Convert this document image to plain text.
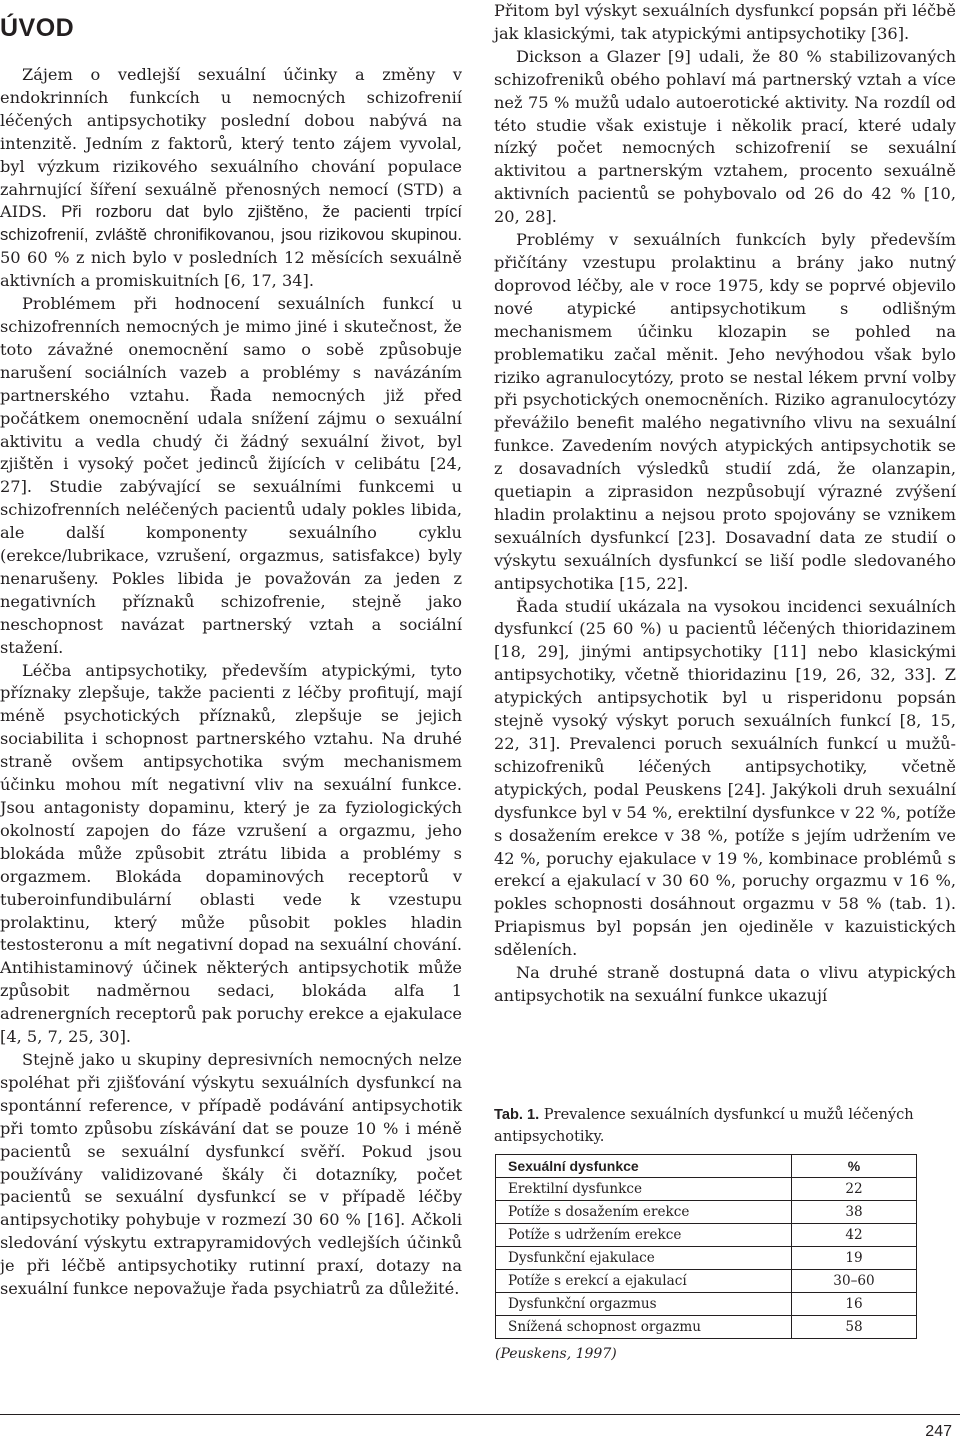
ÚVOD

Zájem o vedlejší sexuální účinky a změny v endokrinních funkcích u nemocných schizofrenií léčených antipsychotiky poslední dobou nabývá na intenzitě. Jedním z faktorů, který tento zájem vyvolal, byl výzkum rizikového sexuálního chování populace zahrnující šíření sexuálně přenosných nemocí (STD) a AIDS. Při rozboru dat bylo zjištěno, že pacienti trpící schizofrenií, zvláště chronifikovanou, jsou rizikovou skupinou. 50 60 % z nich bylo v posledních 12 měsících sexuálně aktivních a promiskuitních [6, 17, 34].

Problémem při hodnocení sexuálních funkcí u schizofrenních nemocných je mimo jiné i skutečnost, že toto závažné onemocnění samo o sobě způsobuje narušení sociálních vazeb a problémy s navázáním partnerského vztahu. Řada nemocných již před počátkem onemocnění udala snížení zájmu o sexuální aktivitu a vedla chudý či žádný sexuální život, byl zjištěn i vysoký počet jedinců žijících v celibátu [24, 27]. Studie zabývající se sexuálními funkcemi u schizofrenních neléčených pacientů udaly pokles libida, ale další komponenty sexuálního cyklu (erekce/lubrikace, vzrušení, orgazmus, satisfakce) byly nenarušeny. Pokles libida je považován za jeden z negativních příznaků schizofrenie, stejně jako neschopnost navázat partnerský vztah a sociální stažení.

Léčba antipsychotiky, především atypickými, tyto příznaky zlepšuje, takže pacienti z léčby profitují, mají méně psychotických příznaků, zlepšuje se jejich sociabilita i schopnost partnerského vztahu. Na druhé straně ovšem antipsychotika svým mechanismem účinku mohou mít negativní vliv na sexuální funkce. Jsou antagonisty dopaminu, který je za fyziologických okolností zapojen do fáze vzrušení a orgazmu, jeho blokáda může způsobit ztrátu libida a problémy s orgazmem. Blokáda dopaminových receptorů v tuberoinfundibulární oblasti vede k vzestupu prolaktinu, který může působit pokles hladin testosteronu a mít negativní dopad na sexuální chování. Antihistaminový účinek některých antipsychotik může způsobit nadměrnou sedaci, blokáda alfa 1 adrenergních receptorů pak poruchy erekce a ejakulace [4, 5, 7, 25, 30].

Stejně jako u skupiny depresivních nemocných nelze spoléhat při zjišťování výskytu sexuálních dysfunkcí na spontánní reference, v případě podávání antipsychotik při tomto způsobu získávání dat se pouze 10 % i méně pacientů se sexuální dysfunkcí svěří. Pokud jsou používány validizované škály či dotazníky, počet pacientů se sexuální dysfunkcí se v případě léčby antipsychotiky pohybuje v rozmezí 30 60 % [16]. Ačkoli sledování výskytu extrapyramidových vedlejších účinků je při léčbě antipsychotiky rutinní praxí, dotazy na sexuální funkce nepovažuje řada psychiatrů za důležité.

Přitom byl výskyt sexuálních dysfunkcí popsán při léčbě jak klasickými, tak atypickými antipsychotiky [36].

Dickson a Glazer [9] udali, že 80 % stabilizovaných schizofreniků obého pohlaví má partnerský vztah a více než 75 % mužů udalo autoerotické aktivity. Na rozdíl od této studie však existuje i několik prací, které udaly nízký počet nemocných schizofrenií se sexuální aktivitou a partnerským vztahem, procento sexuálně aktivních pacientů se pohybovalo od 26 do 42 % [10, 20, 28].

Problémy v sexuálních funkcích byly především přičítány vzestupu prolaktinu a brány jako nutný doprovod léčby, ale v roce 1975, kdy se poprvé objevilo nové atypické antipsychotikum s odlišným mechanismem účinku klozapin se pohled na problematiku začal měnit. Jeho nevýhodou však bylo riziko agranulocytózy, proto se nestal lékem první volby při psychotických onemocněních. Riziko agranulocytózy převážilo benefit malého negativního vlivu na sexuální funkce. Zavedením nových atypických antipsychotik se z dosavadních výsledků studií zdá, že olanzapin, quetiapin a ziprasidon nezpůsobují výrazné zvýšení hladin prolaktinu a nejsou proto spojovány se vznikem sexuálních dysfunkcí [23]. Dosavadní data ze studií o výskytu sexuálních dysfunkcí se liší podle sledovaného antipsychotika [15, 22].

Řada studií ukázala na vysokou incidenci sexuálních dysfunkcí (25 60 %) u pacientů léčených thioridazinem [18, 29], jinými antipsychotiky [11] nebo klasickými antipsychotiky, včetně thioridazinu [19, 26, 32, 33]. Z atypických antipsychotik byl u risperidonu popsán stejně vysoký výskyt poruch sexuálních funkcí [8, 15, 22, 31]. Prevalenci poruch sexuálních funkcí u mužů-schizofreniků léčených antipsychotiky, včetně atypických, podal Peuskens [24]. Jakýkoli druh sexuální dysfunkce byl v 54 %, erektilní dysfunkce v 22 %, potíže s dosažením erekce v 38 %, potíže s jejím udržením ve 42 %, poruchy ejakulace v 19 %, kombinace problémů s erekcí a ejakulací v 30 60 %, poruchy orgazmu v 16 %, pokles schopnosti dosáhnout orgazmu v 58 % (tab. 1). Priapismus byl popsán jen ojediněle v kazuistických sděleních.

Na druhé straně dostupná data o vlivu atypických antipsychotik na sexuální funkce ukazují

Tab. 1. Prevalence sexuálních dysfunkcí u mužů léčených antipsychotiky.

Sexuální dysfunkce	%
Erektilní dysfunkce	22
Potíže s dosažením erekce	38
Potíže s udržením erekce	42
Dysfunkční ejakulace	19
Potíže s erekcí a ejakulací	30–60
Dysfunkční orgazmus	16
Snížená schopnost orgazmu	58

(Peuskens, 1997)

247
